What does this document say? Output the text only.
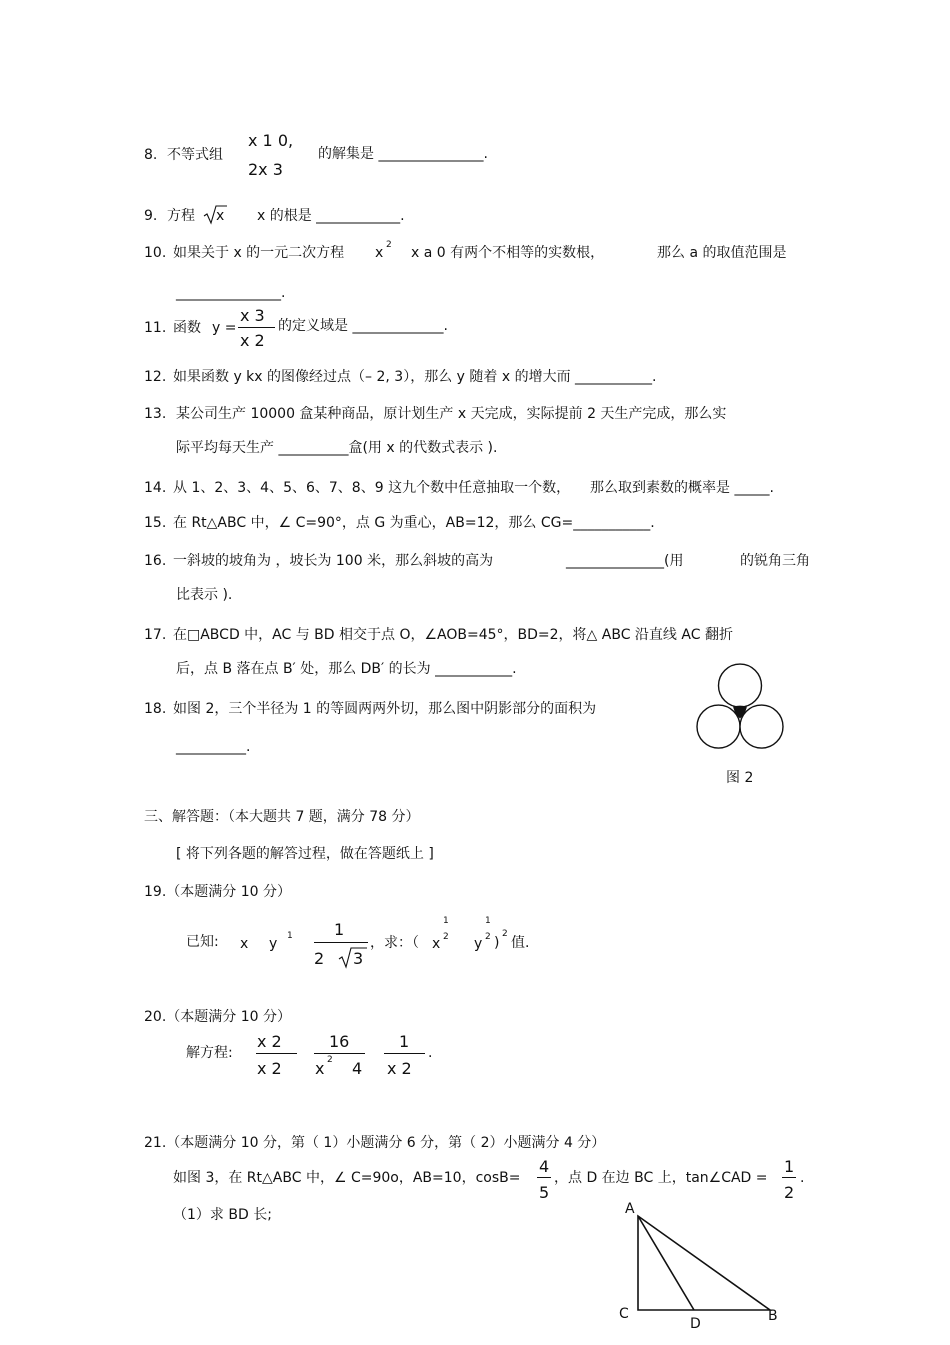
8. 不等式组
x 1 0,
2x 3
的解集是 _______________.
9. 方程 x x 的根是 ____________.
10. 如果关于 x 的一元二次方程 x 2 x a 0 有两个不相等的实数根，	那么 a 的取值范围是
_______________.
11. 函数 y =
x 3
x 2
的定义域是 _____________.
12. 如果函数 y kx 的图像经过点（– 2, 3），那么 y 随着 x 的增大而 ___________.
13. 某公司生产 10000 盒某种商品，原计划生产 x 天完成，实际提前 2 天生产完成，那么实
际平均每天生产 __________盒(用 x 的代数式表示 ).
14. 从 1、2、3、4、5、6、7、8、9 这九个数中任意抽取一个数， 那么取到素数的概率是 _____.
15. 在 Rt△ABC 中，∠ C=90°，点 G 为重心，AB=12，那么 CG=___________.
16. 一斜坡的坡角为 ，坡长为 100 米，那么斜坡的高为	______________(用	的锐角三角
比表示 ).
17. 在□ABCD 中，AC 与 BD 相交于点 O，∠AOB=45°，BD=2，将△ ABC 沿直线 AC 翻折
后，点 B 落在点 B′ 处，那么 DB′ 的长为 ___________.
18. 如图 2，三个半径为 1 的等圆两两外切，那么图中阴影部分的面积为
__________.
图 2
三、解答题：（本大题共 7 题，满分 78 分）
[ 将下列各题的解答过程，做在答题纸上 ]
19.（本题满分 10 分）
已知: x y 1	1
2 3
，求：（ x
1
2 y
1
2 )
2
值.
20.（本题满分 10 分）
解方程:
x 2
x 2
16
x 2 4
1
x 2
.
21.（本题满分 10 分，第（ 1）小题满分 6 分，第（ 2）小题满分 4 分）
如图 3，在 Rt△ABC 中，∠ C=90o，AB=10，cosB=
4
5
，点 D 在边 BC 上，tan∠CAD =
1
2
.
（1）求 BD 长;	A
C
D	B
